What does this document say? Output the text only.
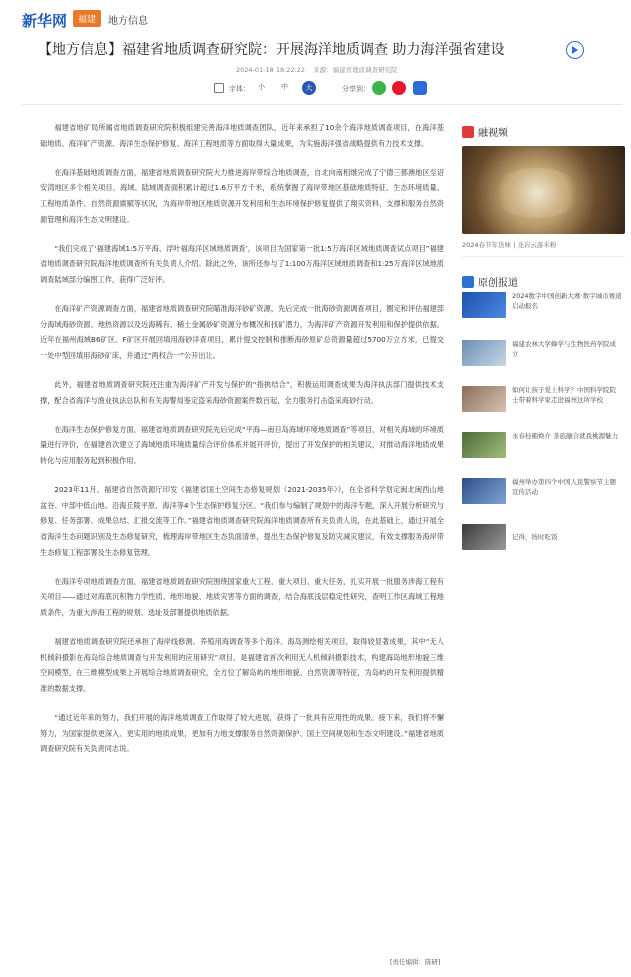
新华网	福建	地方信息
【地方信息】福建省地质调查研究院：开展海洋地质调查 助力海洋强省建设
2024-01-18 18:22:22 来源：福建省地质调查研究院
字体： 小 中	大	分享到：

福建省地矿局所属省地质调查研究院积极组建完善海洋地质调查团队，近年来承担了10余个海洋地质调查项目，在海洋基础地质、海洋矿产资源、海洋生态保护修复、海洋工程地质等方面取得大量成果，为实施海洋强省战略提供有力技术支撑。

在海洋基础地质调查方面，福建省地质调查研究院大力推进海岸带综合地质调查，自北向南相继完成了宁德三都澳地区至诏安湾地区多个相关项目，海域、陆域调查面积累计超过1.6万平方千米，系统掌握了海岸带地区基础地质特征、生态环境质量、工程地质条件、自然资源禀赋等状况，为海岸带地区地质资源开发利用和生态环境保护修复提供了翔实资料，支撑和服务自然资源管理和海洋生态文明建设。

“我们完成了‘福建海域1:5万平海、浮叶福海洋区域地质调查’，该项目为国家第一批1:5万海洋区域地质调查试点项目”福建省地质调查研究院海洋地质调查所有关负责人介绍。除此之外，该所还参与了1:100万海洋区域地质调查和1:25万海洋区域地质调查陆域部分编图工作，获得广泛好评。

在海洋矿产资源调查方面，福建省地质调查研究院瞄准海洋砂矿资源，先后完成一批海砂资源调查项目，圈定和评估福建部分海域海砂资源、地热资源以及近海稀有、稀土金属砂矿资源分布概况和找矿潜力，为海洋矿产资源开发利用和保护提供依据。近年在福州海域B6矿区、F矿区开展回填用海砂详查项目，累计提交控制和推断海砂原矿总资源量超过5700万立方米，已提交一处中型回填用海砂矿床，并通过“两权合一”公开出让。

此外，福建省地质调查研究院还注重为海洋矿产开发与保护的“指挑结合”，积极运用调查成果为海洋执法部门提供技术支撑，配合省海洋与渔业执法总队和有关海警局鉴定盗采海砂资源案件数百起，全力服务打击盗采海砂行动。

在海洋生态保护修复方面，福建省地质调查研究院先后完成“平海—南日岛海域环境地质调查”等项目，对相关海域的环境质量进行评价，在福建首次建立了海域地质环境质量综合评价体系并展开评价，提出了开发保护的相关建议，对推动海洋地质成果转化与应用服务起到积极作用。

2023年11月，福建省自然资源厅印发《福建省国土空间生态修复规划（2021-2035年）》，在全省科学划定闽北闽西山地盆谷、中部中低山地、沿海丘陵平原、海洋等4个生态保护修复分区。“我们参与编制了规划中的海洋专题，深入开展分析研究与修复、任务部署、成果总结、汇报交流等工作。”福建省地质调查研究院海洋地质调查所有关负责人说，在此基础上，通过开展全省海洋生态问题识别及生态修复研究，梳理海岸带地区生态负面清单，提出生态保护修复及防灾减灾建议，有效支撑服务海岸带生态修复工程部署及生态修复管理。

在海洋专项地质调查方面，福建省地质调查研究院围绕国家重大工程、重大项目、重大任务，扎实开展一批服务涉海工程有关项目——通过对海底沉积物力学性质、地形地貌、地质灾害等方面的调查，结合海底浅层稳定性研究，查明工作区海域工程地质条件，为重大涉海工程的规划、选址及部署提供地质依据。

福建省地质调查研究院还承担了海岸线修测、养殖用海调查等多个海洋、海岛测绘相关项目，取得较显著成果，其中“无人机倾斜摄影在海岛综合地质调查与开发利用的应用研究”项目，是福建省首次利用无人机倾斜摄影技术，构建海岛地形地貌三维空间模型，在三维模型成果上开展综合地质调查研究，全方位了解岛屿的地形地貌、自然资源等特征，为岛屿的开发利用提供精准的数据支撑。

“通过近年来的努力，我们开展的海洋地质调查工作取得了较大进展，获得了一批具有应用性的成果。接下来，我们将不懈努力，为国家提供更深入、更实用的地质成果，更加有力地支撑服务自然资源保护、国土空间规划和生态文明建设。”福建省地质调查研究院有关负责同志说。

[责任编辑：陈研]
融视频
2024春节年货味 | 龙岩云游米粉
原创报道
2024数字中国创新大赛·数字城市赛道启动报名
福建农林大学蜂学与生物医药学院成立
如何让孩子爱上科学？中国科学院院士带着科学家走进福州这所学校
永春桂楣焕介 茶旅融合就我桃源魅力
福州举办第四个中国人民警察节主题宣传活动
记得，按时吃饭
